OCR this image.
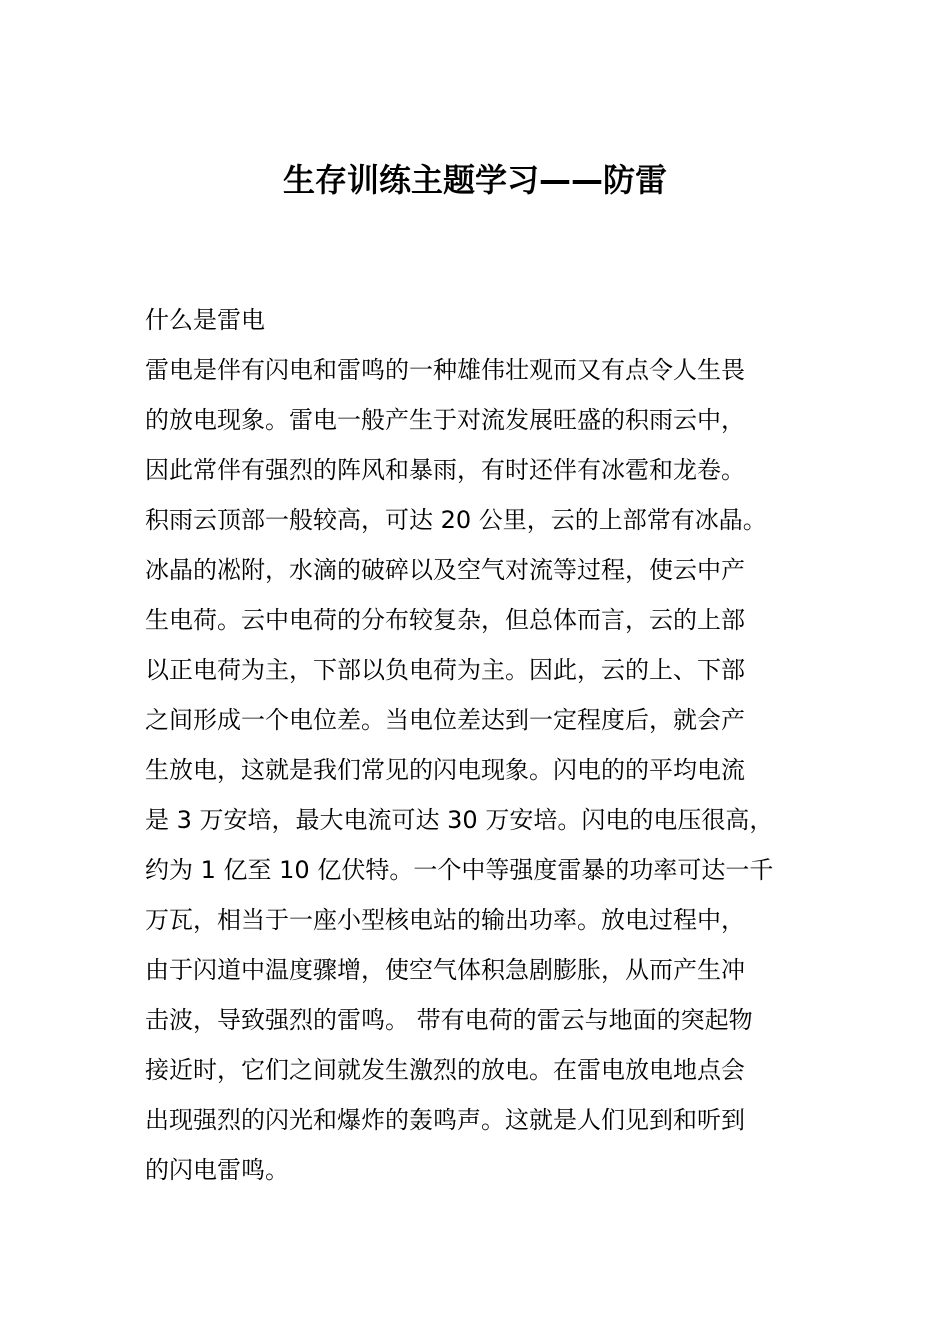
生存训练主题学习——防雷
什么是雷电
雷电是伴有闪电和雷鸣的一种雄伟壮观而又有点令人生畏
的放电现象。雷电一般产生于对流发展旺盛的积雨云中，
因此常伴有强烈的阵风和暴雨，有时还伴有冰雹和龙卷。
积雨云顶部一般较高，可达 20 公里，云的上部常有冰晶。
冰晶的凇附，水滴的破碎以及空气对流等过程，使云中产
生电荷。云中电荷的分布较复杂，但总体而言，云的上部
以正电荷为主，下部以负电荷为主。因此，云的上、下部
之间形成一个电位差。当电位差达到一定程度后，就会产
生放电，这就是我们常见的闪电现象。闪电的的平均电流
是 3 万安培，最大电流可达 30 万安培。闪电的电压很高，
约为 1 亿至 10 亿伏特。一个中等强度雷暴的功率可达一千
万瓦，相当于一座小型核电站的输出功率。放电过程中，
由于闪道中温度骤增，使空气体积急剧膨胀，从而产生冲
击波，导致强烈的雷鸣。 带有电荷的雷云与地面的突起物
接近时，它们之间就发生激烈的放电。在雷电放电地点会
出现强烈的闪光和爆炸的轰鸣声。这就是人们见到和听到
的闪电雷鸣。
